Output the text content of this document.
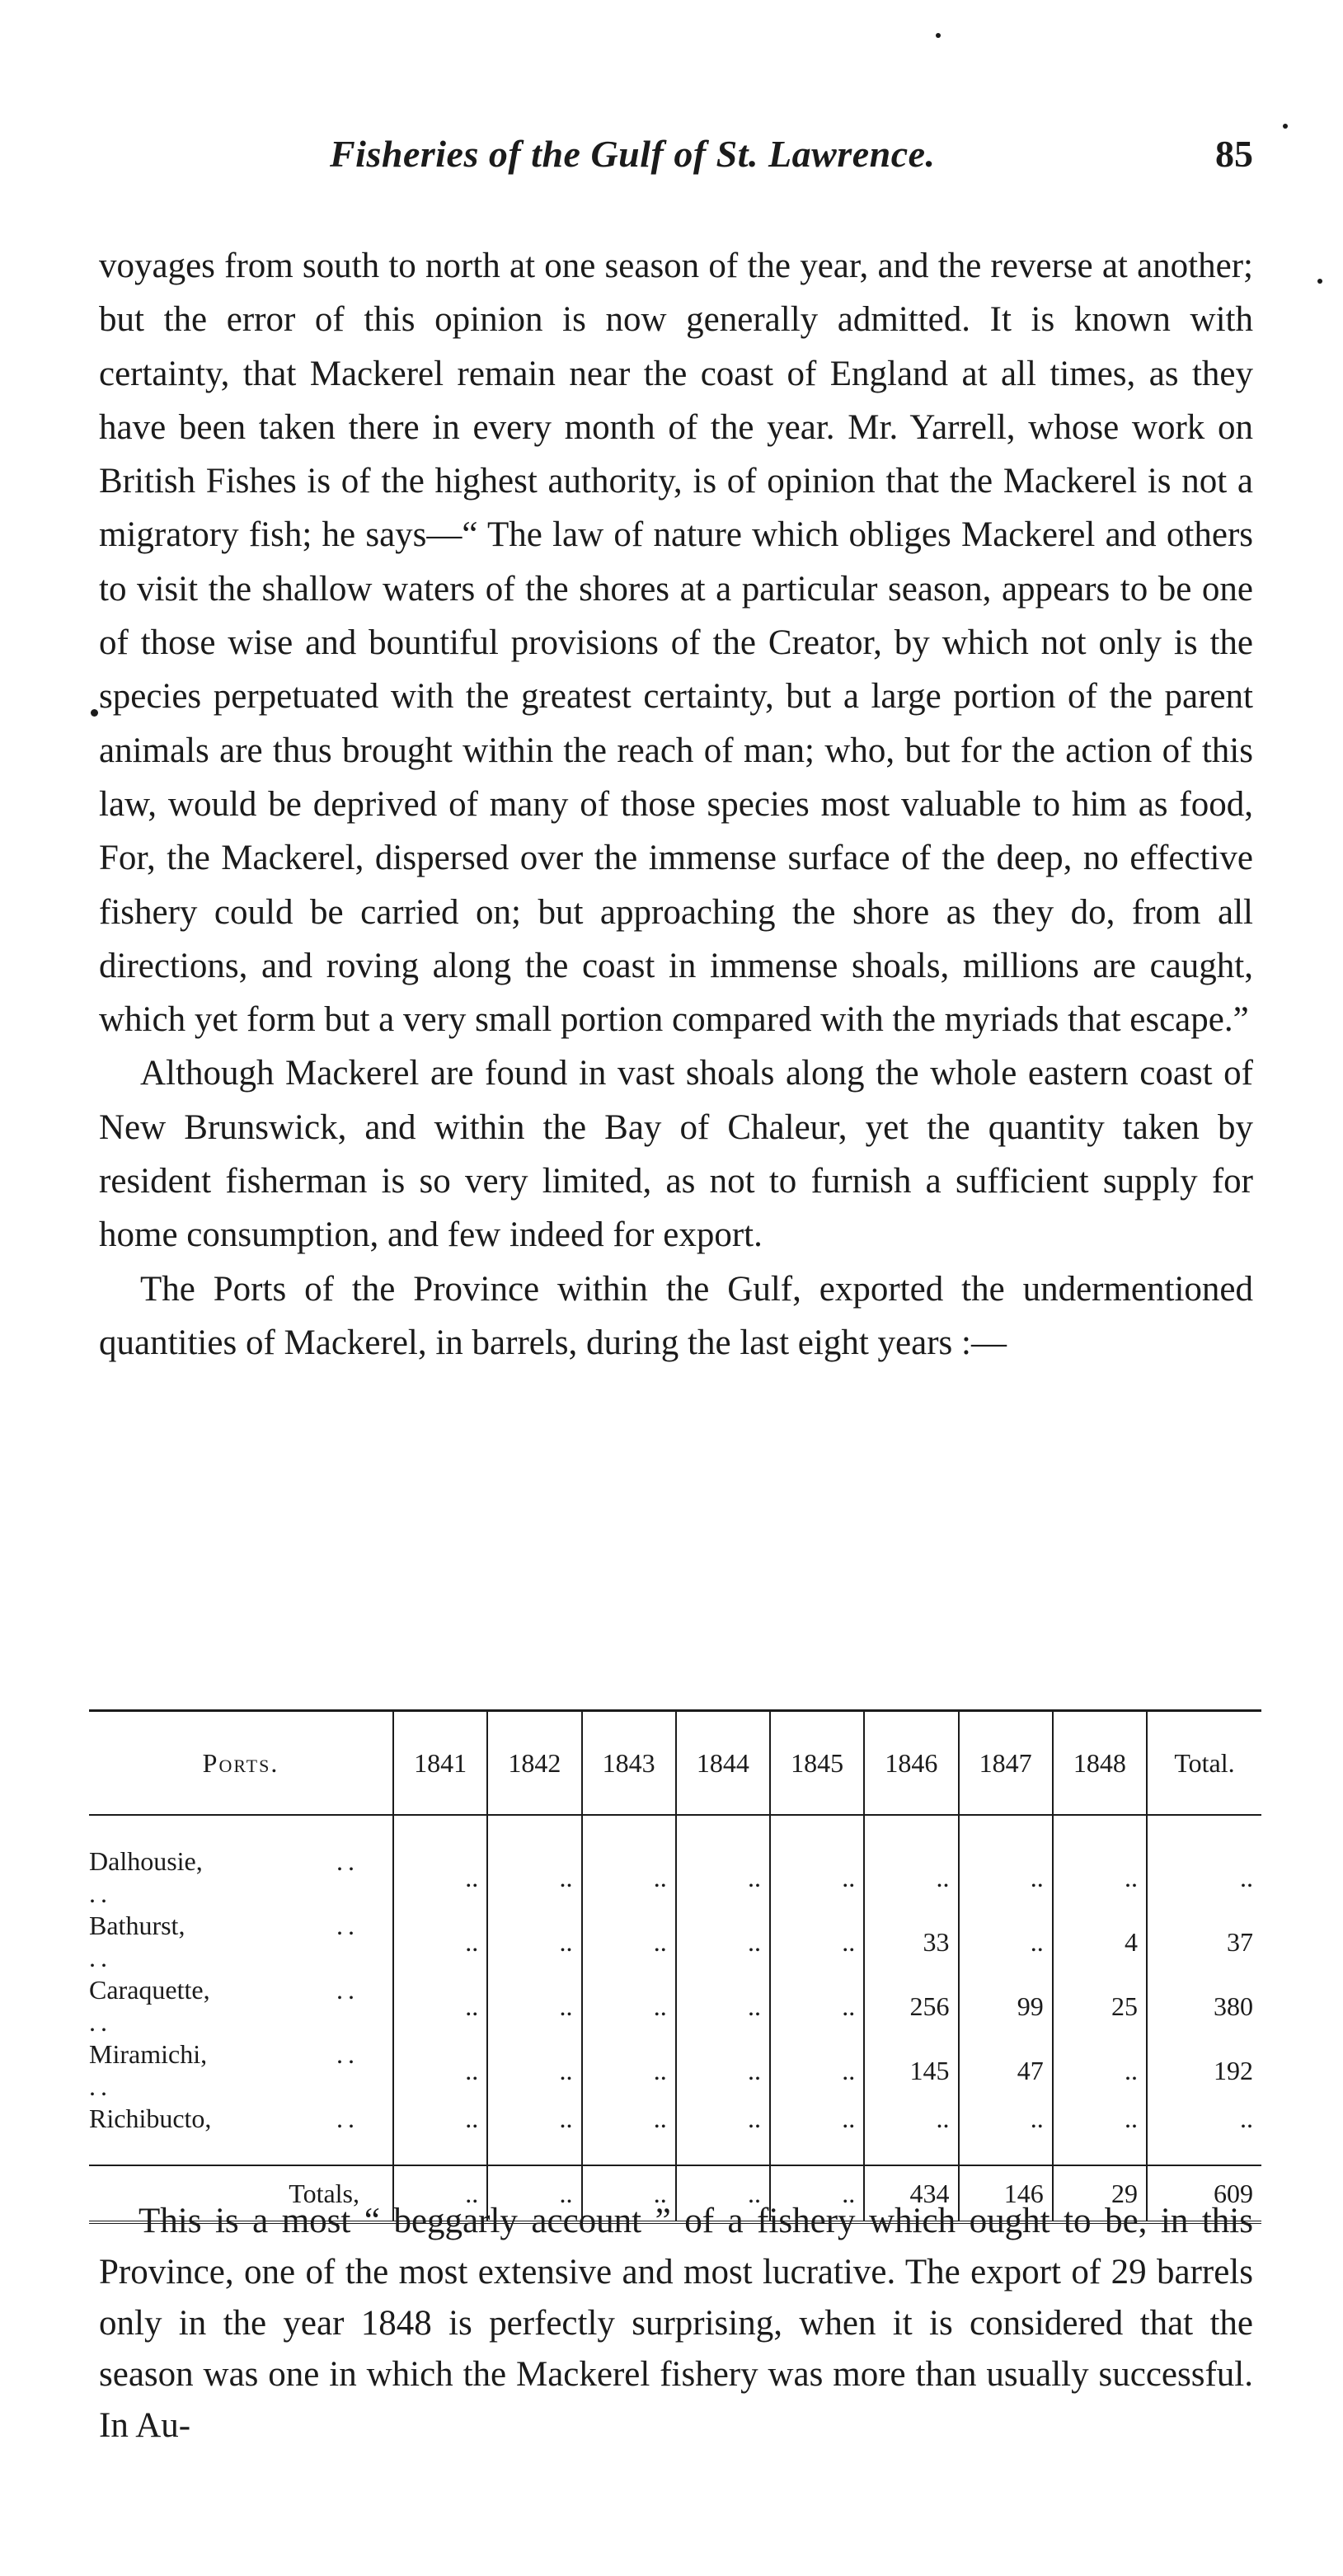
Fisheries of the Gulf of St. Lawrence.	85

voyages from south to north at one season of the year, and the reverse at another; but the error of this opinion is now generally admitted. It is known with certainty, that Mackerel remain near the coast of England at all times, as they have been taken there in every month of the year. Mr. Yarrell, whose work on British Fishes is of the highest authority, is of opinion that the Mackerel is not a migratory fish; he says—“ The law of nature which obliges Mackerel and others to visit the shallow waters of the shores at a particular season, appears to be one of those wise and bountiful provisions of the Creator, by which not only is the species perpetuated with the greatest certainty, but a large portion of the parent animals are thus brought within the reach of man; who, but for the action of this law, would be deprived of many of those species most valuable to him as food, For, the Mackerel, dispersed over the immense surface of the deep, no effective fishery could be carried on; but approaching the shore as they do, from all directions, and roving along the coast in immense shoals, millions are caught, which yet form but a very small portion compared with the myriads that escape.”

Although Mackerel are found in vast shoals along the whole eastern coast of New Brunswick, and within the Bay of Chaleur, yet the quantity taken by resident fisherman is so very limited, as not to furnish a sufficient supply for home consumption, and few indeed for export.

The Ports of the Province within the Gulf, exported the undermentioned quantities of Mackerel, in barrels, during the last eight years :—

Ports.	1841	1842	1843	1844	1845	1846	1847	1848	Total.
Dalhousie, .. ..	..	..	..	..	..	..	..	..	..
Bathurst, .. ..	..	..	..	..	..	33	..	4	37
Caraquette, .. ..	..	..	..	..	..	256	99	25	380
Miramichi, .. ..	..	..	..	..	..	145	47	..	192
Richibucto, ..	..	..	..	..	..	..	..	..	..
Totals,	..	..	..	..	..	434	146	29	609

This is a most “ beggarly account ” of a fishery which ought to be, in this Province, one of the most extensive and most lucrative. The export of 29 barrels only in the year 1848 is perfectly surprising, when it is considered that the season was one in which the Mackerel fishery was more than usually successful. In Au-
